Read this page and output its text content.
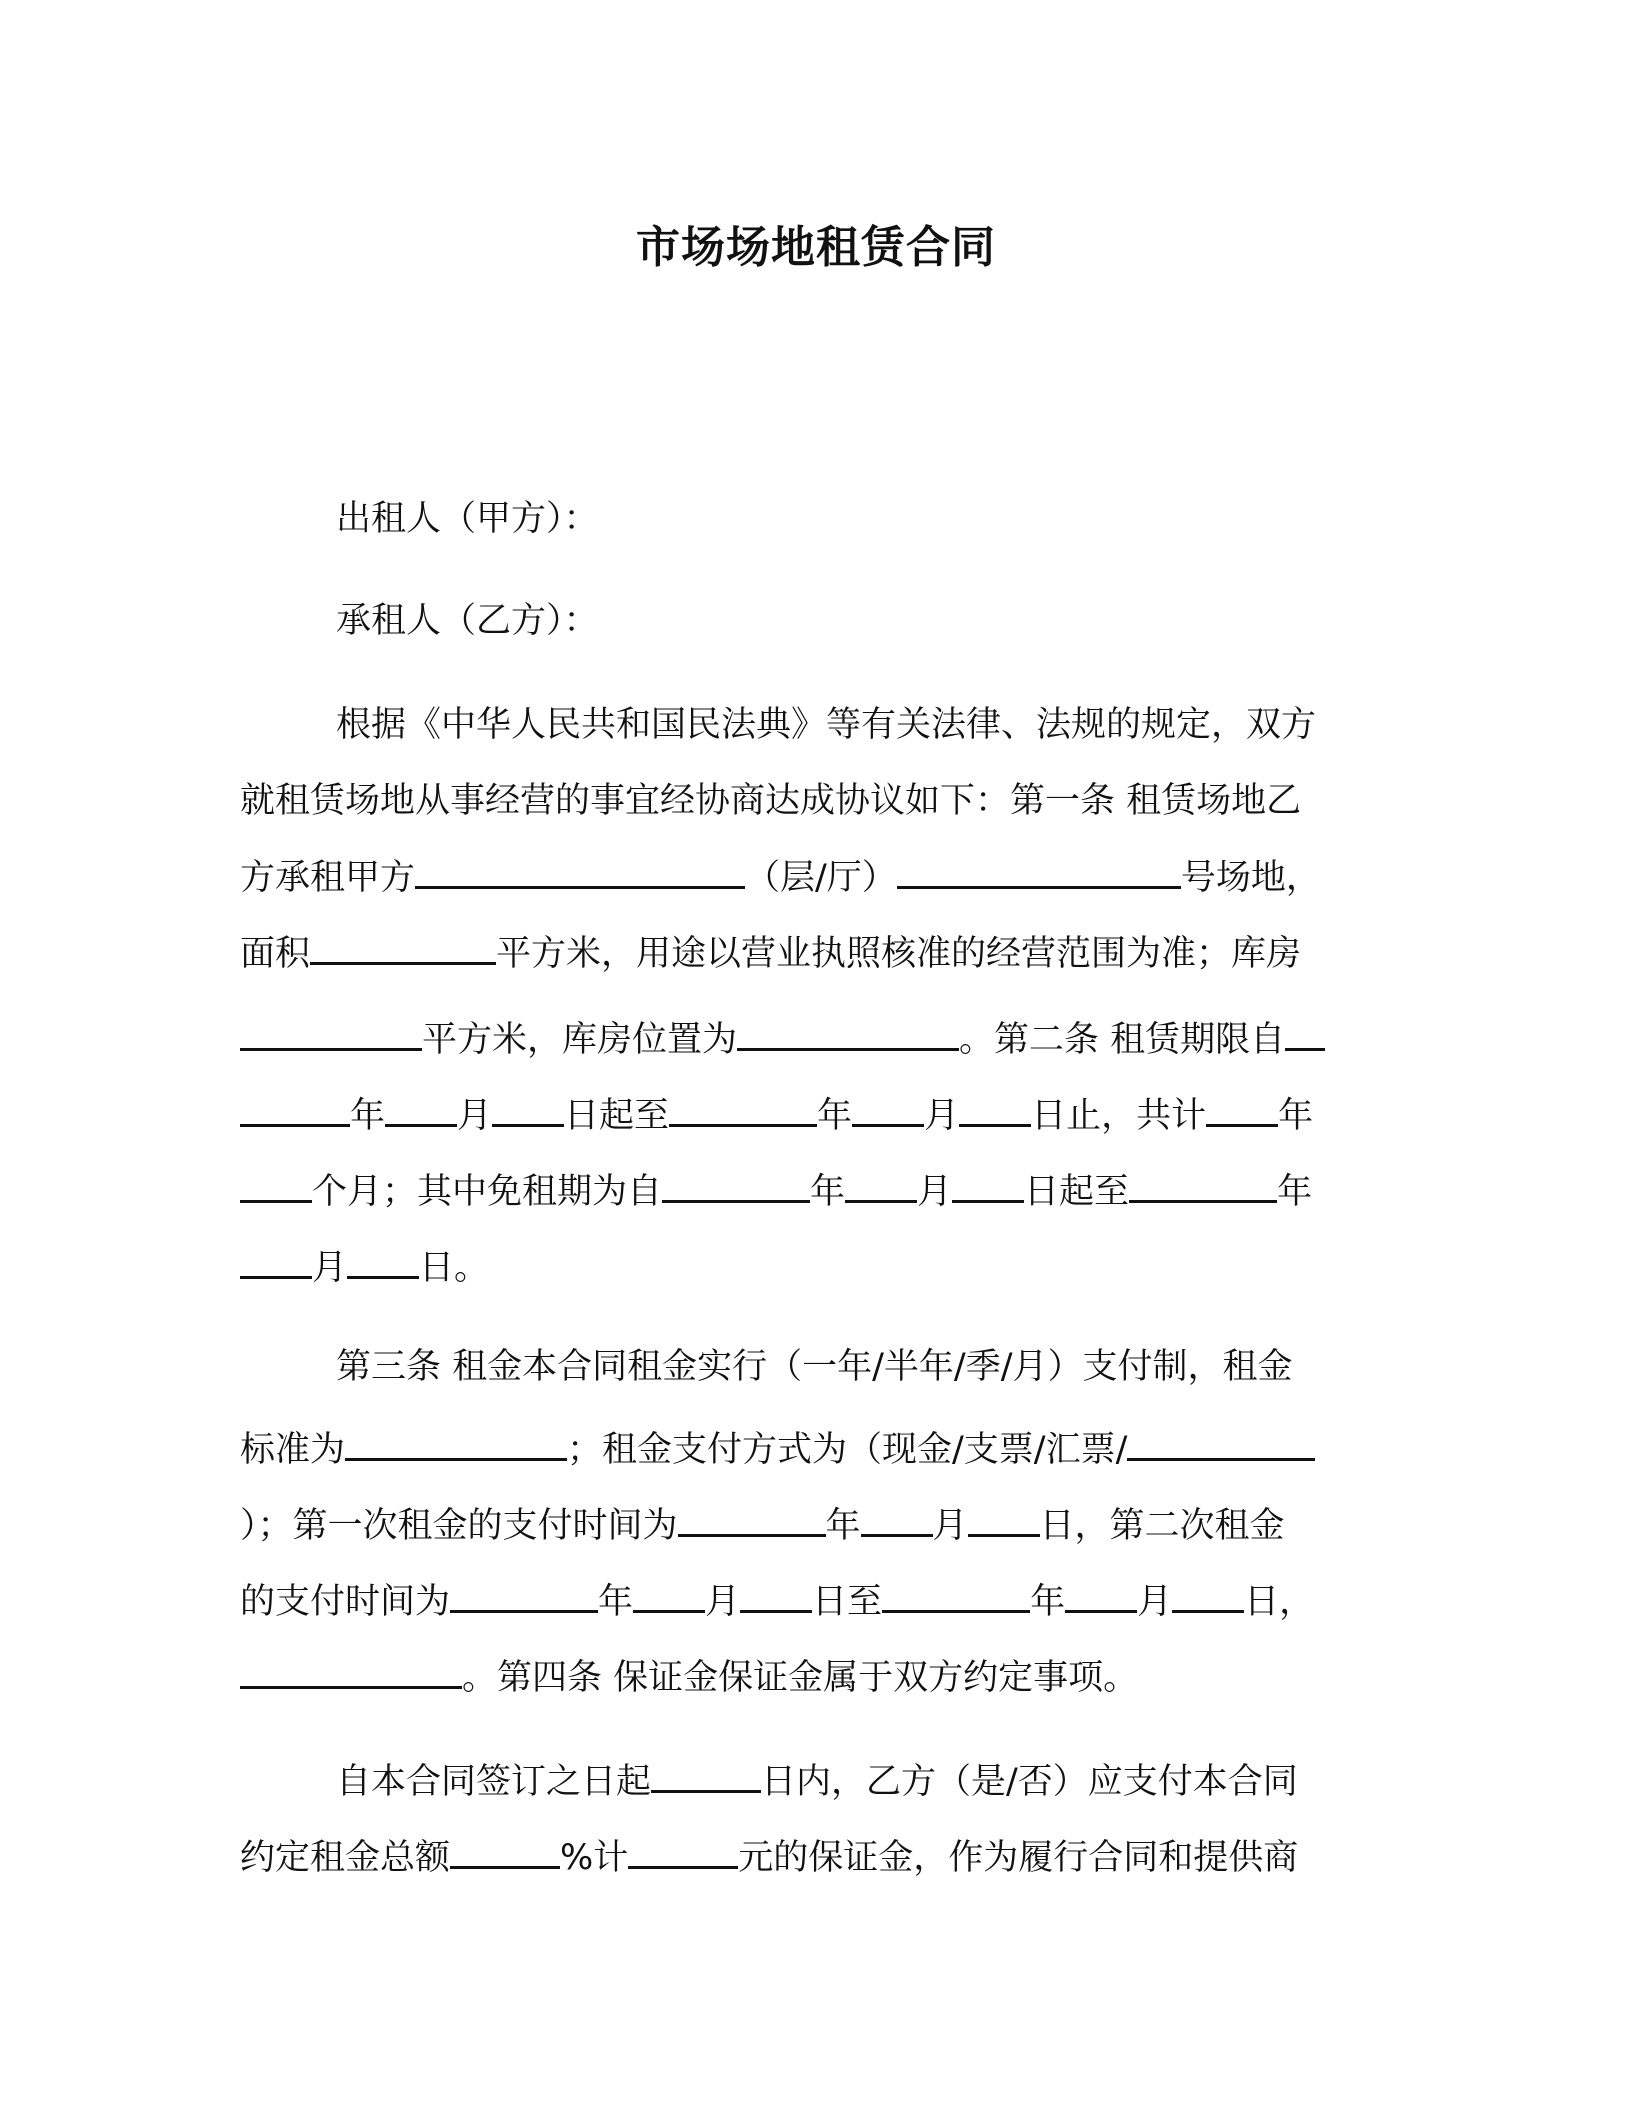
市场场地租赁合同
出租人（甲方）：
承租人（乙方）：
根据《中华人民共和国民法典》等有关法律、法规的规定，双方
就租赁场地从事经营的事宜经协商达成协议如下：第一条 租赁场地乙
方承租甲方	（层/厅）	号场地，
面积	平方米，用途以营业执照核准的经营范围为准；库房
平方米，库房位置为	。第二条 租赁期限自
年 月 日起至	年 月 日止，共计 年
个月；其中免租期为自	年 月 日起至	年
月 日。
第三条 租金本合同租金实行（一年/半年/季/月）支付制，租金
标准为	；租金支付方式为（现金/支票/汇票/
）；第一次租金的支付时间为	年 月 日，第二次租金
的支付时间为	年 月 日至	年 月 日，
。第四条 保证金保证金属于双方约定事项。
自本合同签订之日起	日内，乙方（是/否）应支付本合同
约定租金总额	%计	元的保证金，作为履行合同和提供商
